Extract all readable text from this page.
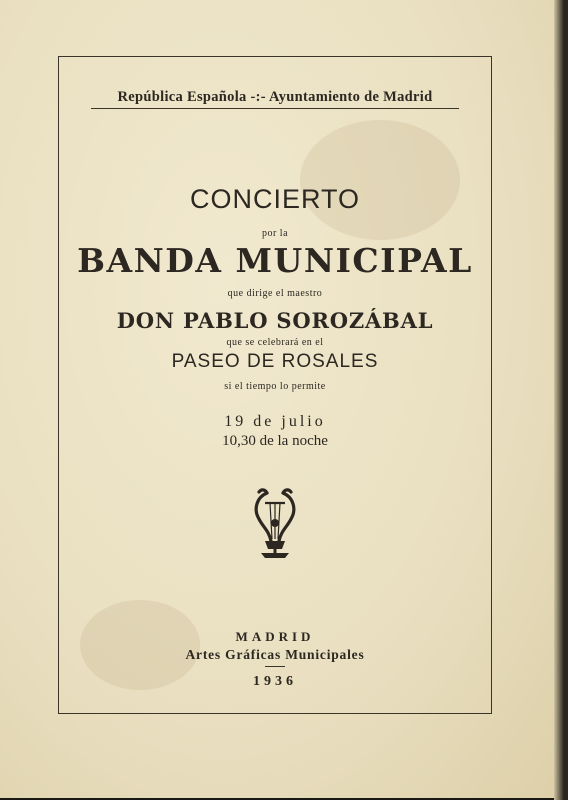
República Española -:- Ayuntamiento de Madrid
CONCIERTO
por la
BANDA MUNICIPAL
que dirige el maestro
DON PABLO SOROZÁBAL
que se celebrará en el
PASEO DE ROSALES
si el tiempo lo permite
19 de julio
10,30 de la noche
MADRID
Artes Gráficas Municipales
1936
